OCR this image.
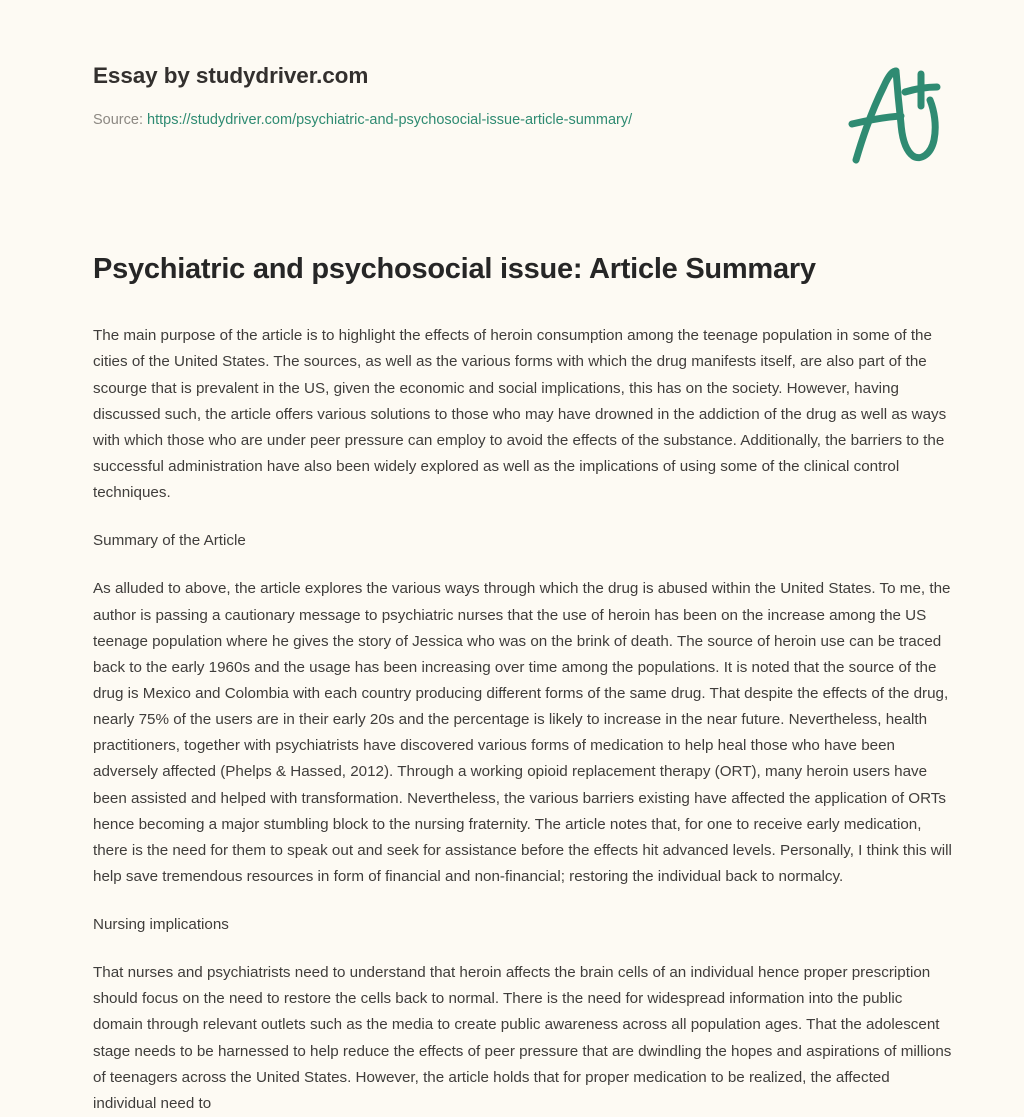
Essay by studydriver.com
Source: https://studydriver.com/psychiatric-and-psychosocial-issue-article-summary/
Psychiatric and psychosocial issue: Article Summary
The main purpose of the article is to highlight the effects of heroin consumption among the teenage population in some of the cities of the United States. The sources, as well as the various forms with which the drug manifests itself, are also part of the scourge that is prevalent in the US, given the economic and social implications, this has on the society. However, having discussed such, the article offers various solutions to those who may have drowned in the addiction of the drug as well as ways with which those who are under peer pressure can employ to avoid the effects of the substance. Additionally, the barriers to the successful administration have also been widely explored as well as the implications of using some of the clinical control techniques.
Summary of the Article
As alluded to above, the article explores the various ways through which the drug is abused within the United States. To me, the author is passing a cautionary message to psychiatric nurses that the use of heroin has been on the increase among the US teenage population where he gives the story of Jessica who was on the brink of death. The source of heroin use can be traced back to the early 1960s and the usage has been increasing over time among the populations. It is noted that the source of the drug is Mexico and Colombia with each country producing different forms of the same drug. That despite the effects of the drug, nearly 75% of the users are in their early 20s and the percentage is likely to increase in the near future. Nevertheless, health practitioners, together with psychiatrists have discovered various forms of medication to help heal those who have been adversely affected (Phelps & Hassed, 2012). Through a working opioid replacement therapy (ORT), many heroin users have been assisted and helped with transformation. Nevertheless, the various barriers existing have affected the application of ORTs hence becoming a major stumbling block to the nursing fraternity. The article notes that, for one to receive early medication, there is the need for them to speak out and seek for assistance before the effects hit advanced levels. Personally, I think this will help save tremendous resources in form of financial and non-financial; restoring the individual back to normalcy.
Nursing implications
That nurses and psychiatrists need to understand that heroin affects the brain cells of an individual hence proper prescription should focus on the need to restore the cells back to normal. There is the need for widespread information into the public domain through relevant outlets such as the media to create public awareness across all population ages. That the adolescent stage needs to be harnessed to help reduce the effects of peer pressure that are dwindling the hopes and aspirations of millions of teenagers across the United States. However, the article holds that for proper medication to be realized, the affected individual need to
